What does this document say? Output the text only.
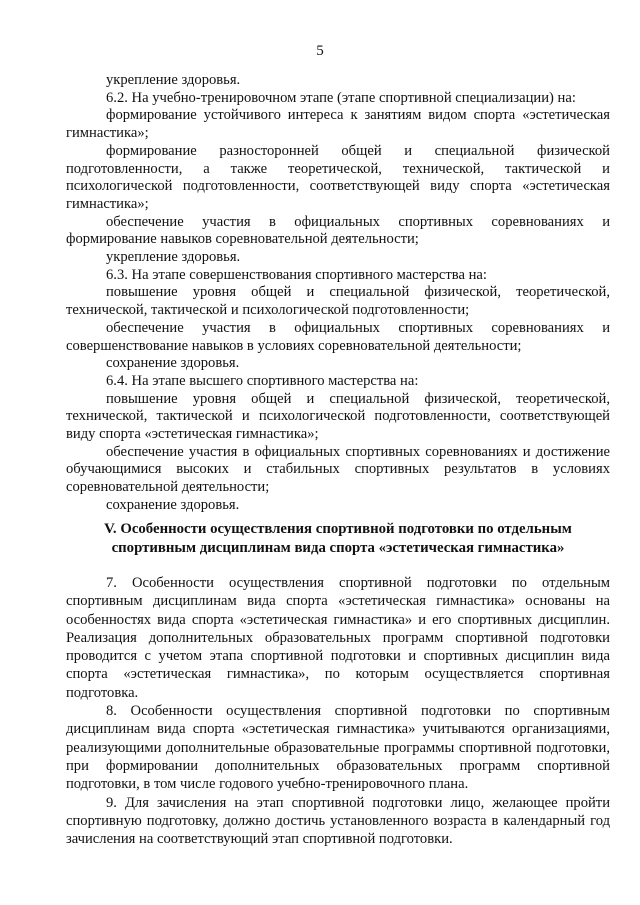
5

укрепление здоровья.

6.2. На учебно-тренировочном этапе (этапе спортивной специализации) на:

формирование устойчивого интереса к занятиям видом спорта «эстетическая гимнастика»;

формирование разносторонней общей и специальной физической подготовленности, а также теоретической, технической, тактической и психологической подготовленности, соответствующей виду спорта «эстетическая гимнастика»;

обеспечение участия в официальных спортивных соревнованиях и формирование навыков соревновательной деятельности;

укрепление здоровья.

6.3. На этапе совершенствования спортивного мастерства на:

повышение уровня общей и специальной физической, теоретической, технической, тактической и психологической подготовленности;

обеспечение участия в официальных спортивных соревнованиях и совершенствование навыков в условиях соревновательной деятельности;

сохранение здоровья.

6.4. На этапе высшего спортивного мастерства на:

повышение уровня общей и специальной физической, теоретической, технической, тактической и психологической подготовленности, соответствующей виду спорта «эстетическая гимнастика»;

обеспечение участия в официальных спортивных соревнованиях и достижение обучающимися высоких и стабильных спортивных результатов в условиях соревновательной деятельности;

сохранение здоровья.

V. Особенности осуществления спортивной подготовки по отдельным
спортивным дисциплинам вида спорта «эстетическая гимнастика»

7. Особенности осуществления спортивной подготовки по отдельным спортивным дисциплинам вида спорта «эстетическая гимнастика» основаны на особенностях вида спорта «эстетическая гимнастика» и его спортивных дисциплин. Реализация дополнительных образовательных программ спортивной подготовки проводится с учетом этапа спортивной подготовки и спортивных дисциплин вида спорта «эстетическая гимнастика», по которым осуществляется спортивная подготовка.

8. Особенности осуществления спортивной подготовки по спортивным дисциплинам вида спорта «эстетическая гимнастика» учитываются организациями, реализующими дополнительные образовательные программы спортивной подготовки, при формировании дополнительных образовательных программ спортивной подготовки, в том числе годового учебно-тренировочного плана.

9. Для зачисления на этап спортивной подготовки лицо, желающее пройти спортивную подготовку, должно достичь установленного возраста в календарный год зачисления на соответствующий этап спортивной подготовки.
